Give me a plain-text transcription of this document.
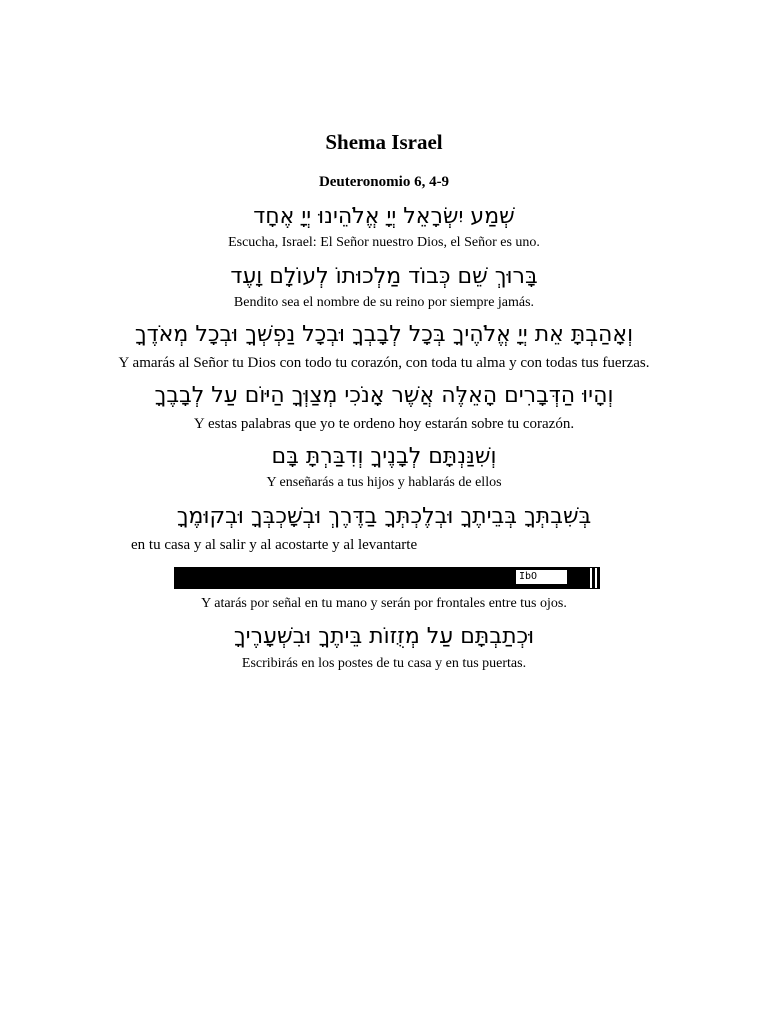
Shema Israel
Deuteronomio 6, 4-9
שְׁמַע יִשְׂרָאֵל יְיָ אֱלֹהֵינוּ יְיָ אֶחָד
Escucha, Israel: El Señor nuestro Dios, el Señor es uno.
בָּרוּךְ שֵׁם כְּבוֹד מַלְכוּתוֹ לְעוֹלָם וָעֶד
Bendito sea el nombre de su reino por siempre jamás.
וְאָהַבְתָּ אֵת יְיָ אֱלֹהֶיךָ בְּכָל לְבָבְךָ וּבְכָל נַפְשְׁךָ וּבְכָל מְאֹדֶךָ
Y amarás al Señor tu Dios con todo tu corazón, con toda tu alma y con todas tus fuerzas.
וְהָיוּ הַדְּבָרִים הָאֵלֶּה אֲשֶׁר אָנֹכִי מְצַוְּךָ הַיּוֹם עַל לְבָבֶךָ
Y estas palabras que yo te ordeno hoy estarán sobre tu corazón.
וְשִׁנַּנְתָּם לְבָנֶיךָ וְדִבַּרְתָּ בָּם
Y enseñarás a tus hijos y hablarás de ellos
בְּשִׁבְתְּךָ בְּבֵיתֶךָ וּבְלֶכְתְּךָ בַדֶּרֶךְ וּבְשָׁכְבְּךָ וּבְקוּמֶךָ
en tu casa y al salir y al acostarte y al levantarte
IbO
Y atarás por señal en tu mano y serán por frontales entre tus ojos.
וּכְתַבְתָּם עַל מְזֻזוֹת בֵּיתֶךָ וּבִשְׁעָרֶיךָ
Escribirás en los postes de tu casa y en tus puertas.
